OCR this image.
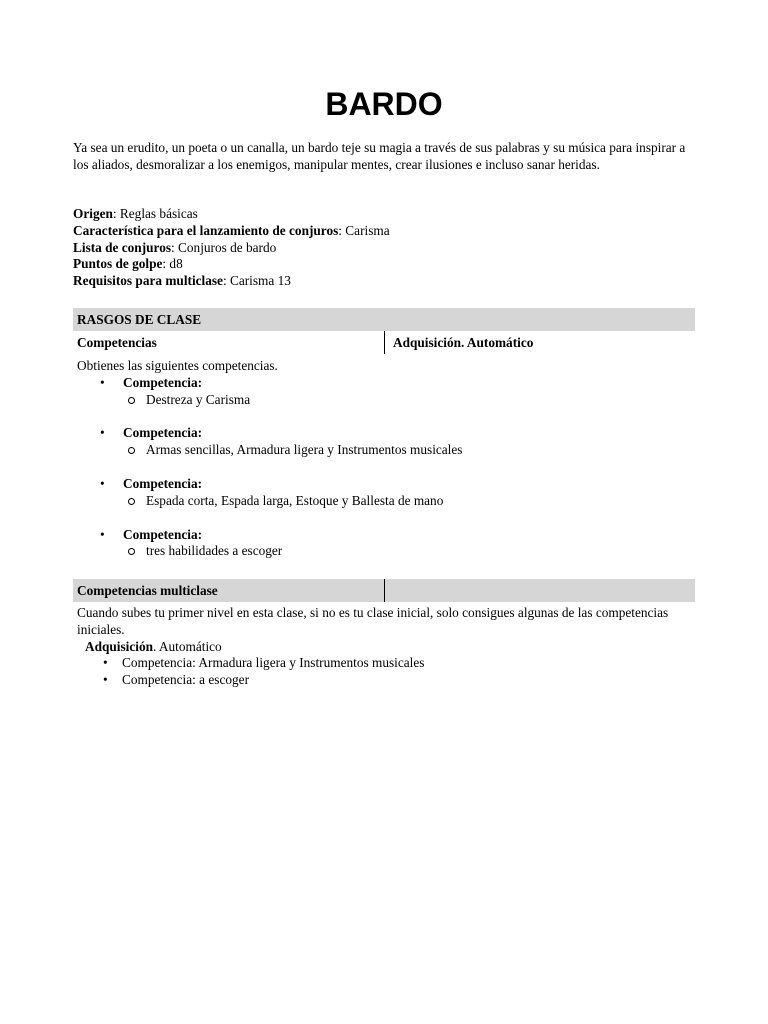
BARDO
Ya sea un erudito, un poeta o un canalla, un bardo teje su magia a través de sus palabras y su música para inspirar a los aliados, desmoralizar a los enemigos, manipular mentes, crear ilusiones e incluso sanar heridas.
Origen: Reglas básicas
Característica para el lanzamiento de conjuros: Carisma
Lista de conjuros: Conjuros de bardo
Puntos de golpe: d8
Requisitos para multiclase: Carisma 13
RASGOS DE CLASE
Competencias	Adquisición. Automático
Obtienes las siguientes competencias.
• Competencia:
Destreza y Carisma
• Competencia:
Armas sencillas, Armadura ligera y Instrumentos musicales
• Competencia:
Espada corta, Espada larga, Estoque y Ballesta de mano
• Competencia:
tres habilidades a escoger
Competencias multiclase
Cuando subes tu primer nivel en esta clase, si no es tu clase inicial, solo consigues algunas de las competencias iniciales.
Adquisición. Automático
• Competencia: Armadura ligera y Instrumentos musicales
• Competencia: a escoger
